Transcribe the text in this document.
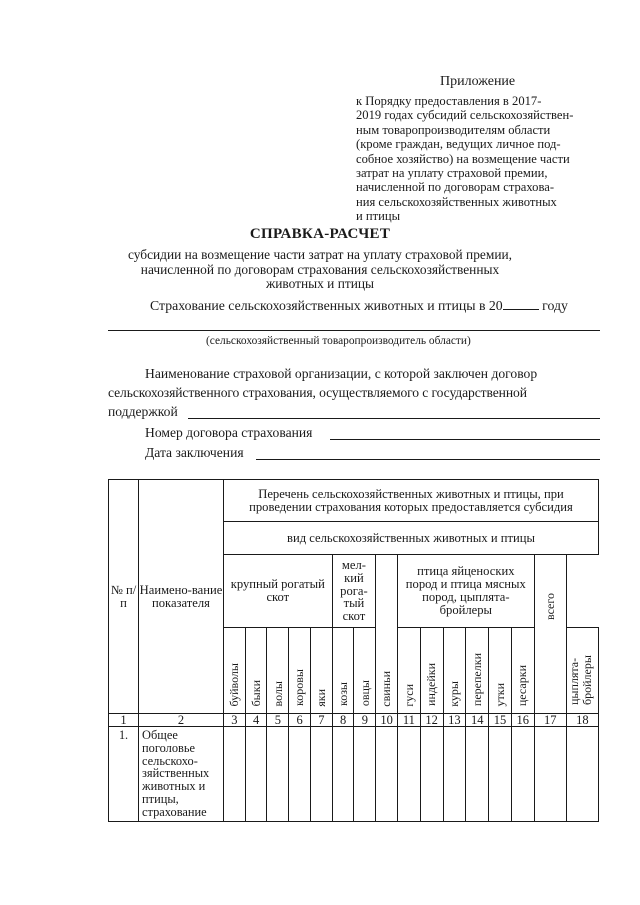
Приложение
к Порядку предоставления в 2017-
2019 годах субсидий сельскохозяйствен-
ным товаропроизводителям области
(кроме граждан, ведущих личное под-
собное хозяйство) на возмещение части
затрат на уплату страховой премии,
начисленной по договорам страхова-
ния сельскохозяйственных животных
и птицы
СПРАВКА-РАСЧЕТ
субсидии на возмещение части затрат на уплату страховой премии,
начисленной по договорам страхования сельскохозяйственных
животных и птицы
Страхование сельскохозяйственных животных и птицы в 20	году
(сельскохозяйственный товаропроизводитель области)
Наименование страховой организации, с которой заключен договор
сельскохозяйственного страхования, осуществляемого с государственной
поддержкой
Номер договора страхования
Дата заключения
№ п/п	Наимено-вание показателя	Перечень сельскохозяйственных животных и птицы, при проведении страхования которых предоставляется субсидия															
		вид сельскохозяйственных животных и птицы															
		крупный рогатый скот					мел-кий рога-тый скот		свиньи	птица яйценоских пород и птица мясных пород, цыплята-бройлеры						всего	
		буйволы	быки	волы	коровы	яки	козы	овцы		гуси	индейки	куры	перепелки	утки	цесарки		цыплята-бройлеры
1	2	3	4	5	6	7	8	9	10	11	12	13	14	15	16	17	18
1.	Общее поголовье сельскохо-зяйственных животных и птицы, страхование																
